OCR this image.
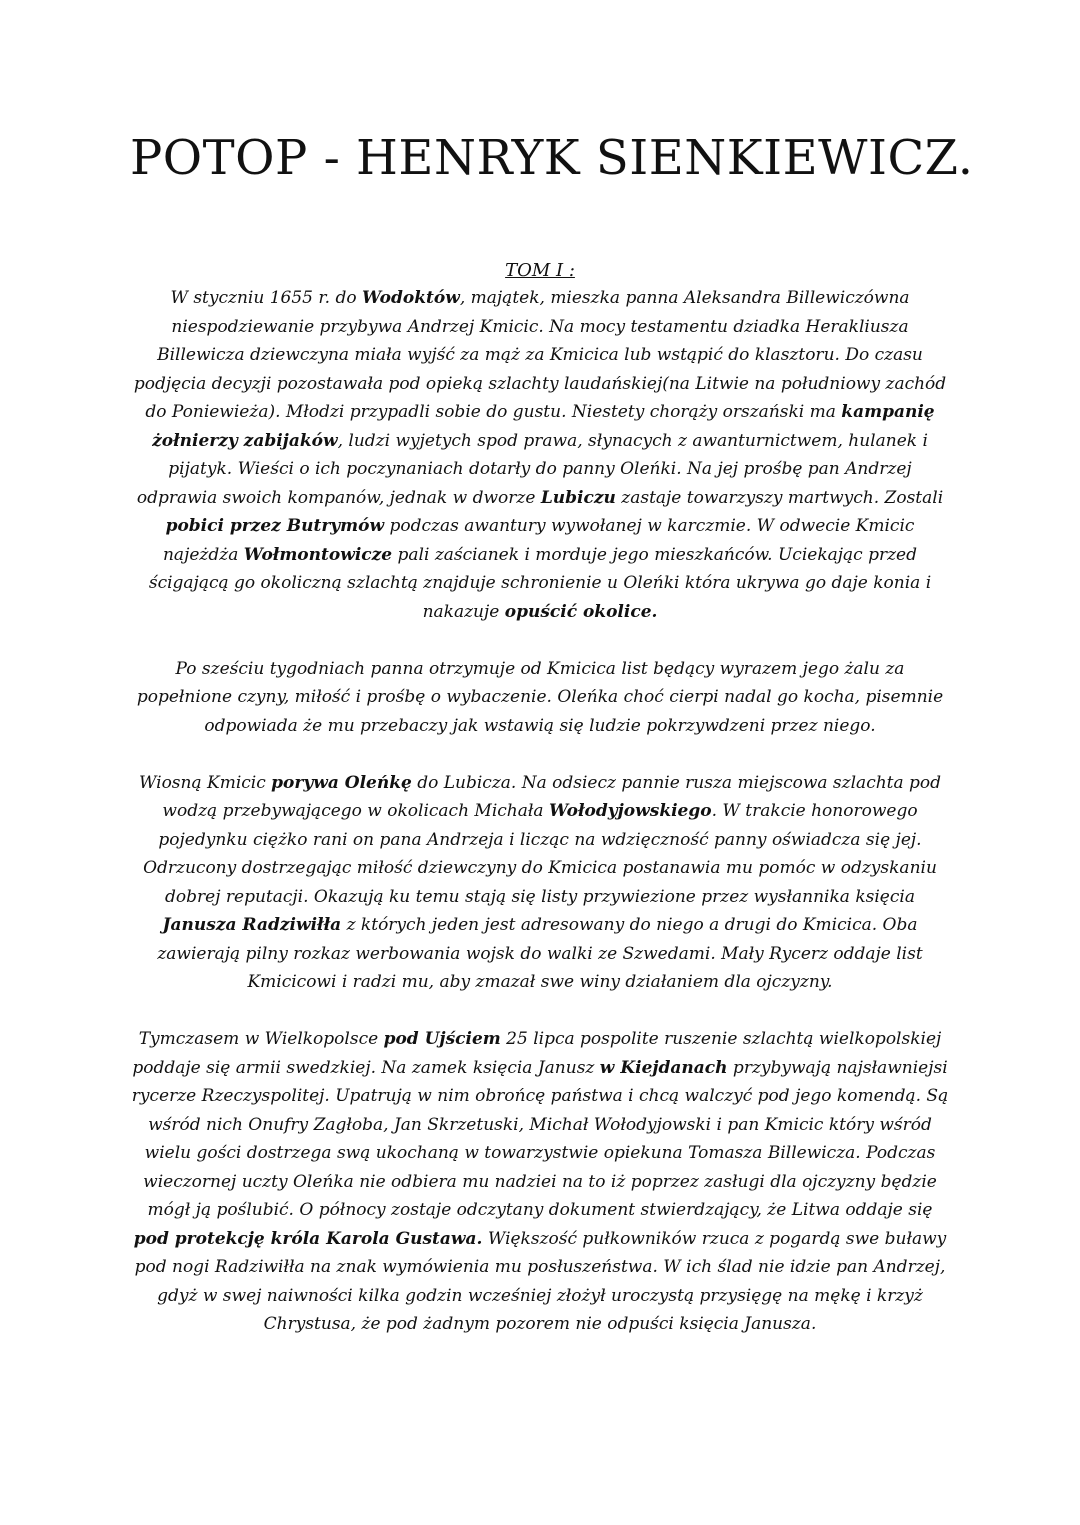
POTOP - HENRYK SIENKIEWICZ.
TOM I :

W styczniu 1655 r. do Wodoktów, majątek, mieszka panna Aleksandra Billewiczówna niespodziewanie przybywa Andrzej Kmicic. Na mocy testamentu dziadka Herakliusza Billewicza dziewczyna miała wyjść za mąż za Kmicica lub wstąpić do klasztoru. Do czasu podjęcia decyzji pozostawała pod opieką szlachty laudańskiej(na Litwie na południowy zachód do Poniewieża). Młodzi przypadli sobie do gustu. Niestety chorąży orszański ma kampanię żołnierzy zabijaków, ludzi wyjetych spod prawa, słynacych z awanturnictwem, hulanek i pijatyk. Wieści o ich poczynaniach dotarły do panny Oleńki. Na jej prośbę pan Andrzej odprawia swoich kompanów, jednak w dworze Lubiczu zastaje towarzyszy martwych. Zostali pobici przez Butrymów podczas awantury wywołanej w karczmie. W odwecie Kmicic najeżdża Wołmontowicze pali zaścianek i morduje jego mieszkańców. Uciekając przed ścigającą go okoliczną szlachtą znajduje schronienie u Oleńki która ukrywa go daje konia i nakazuje opuścić okolice.

Po sześciu tygodniach panna otrzymuje od Kmicica list będący wyrazem jego żalu za popełnione czyny, miłość i prośbę o wybaczenie. Oleńka choć cierpi nadal go kocha, pisemnie odpowiada że mu przebaczy jak wstawią się ludzie pokrzywdzeni przez niego.

Wiosną Kmicic porywa Oleńkę do Lubicza. Na odsiecz pannie rusza miejscowa szlachta pod wodzą przebywającego w okolicach Michała Wołodyjowskiego. W trakcie honorowego pojedynku ciężko rani on pana Andrzeja i licząc na wdzięczność panny oświadcza się jej. Odrzucony dostrzegając miłość dziewczyny do Kmicica postanawia mu pomóc w odzyskaniu dobrej reputacji. Okazują ku temu stają się listy przywiezione przez wysłannika księcia Janusza Radziwiłła z których jeden jest adresowany do niego a drugi do Kmicica. Oba zawierają pilny rozkaz werbowania wojsk do walki ze Szwedami. Mały Rycerz oddaje list Kmicicowi i radzi mu, aby zmazał swe winy działaniem dla ojczyzny.

Tymczasem w Wielkopolsce pod Ujściem 25 lipca pospolite ruszenie szlachtą wielkopolskiej poddaje się armii swedzkiej. Na zamek księcia Janusz w Kiejdanach przybywają najsławniejsi rycerze Rzeczyspolitej. Upatrują w nim obrońcę państwa i chcą walczyć pod jego komendą. Są wśród nich Onufry Zagłoba, Jan Skrzetuski, Michał Wołodyjowski i pan Kmicic który wśród wielu gości dostrzega swą ukochaną w towarzystwie opiekuna Tomasza Billewicza. Podczas wieczornej uczty Oleńka nie odbiera mu nadziei na to iż poprzez zasługi dla ojczyzny będzie mógł ją poślubić. O północy zostaje odczytany dokument stwierdzający, że Litwa oddaje się pod protekcję króla Karola Gustawa. Większość pułkowników rzuca z pogardą swe buławy pod nogi Radziwiłła na znak wymówienia mu posłuszeństwa. W ich ślad nie idzie pan Andrzej, gdyż w swej naiwności kilka godzin wcześniej złożył uroczystą przysięgę na mękę i krzyż Chrystusa, że pod żadnym pozorem nie odpuści księcia Janusza.
